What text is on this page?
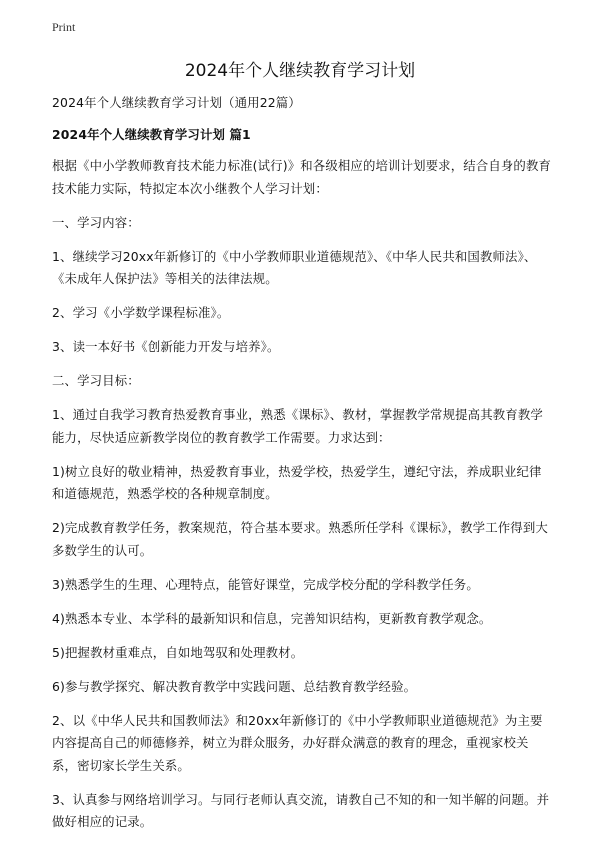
Print
2024年个人继续教育学习计划

2024年个人继续教育学习计划（通用22篇）

2024年个人继续教育学习计划 篇1

根据《中小学教师教育技术能力标准(试行)》和各级相应的培训计划要求，结合自身的教育技术能力实际，特拟定本次小继教个人学习计划：

一、学习内容：

1、继续学习20xx年新修订的《中小学教师职业道德规范》、《中华人民共和国教师法》、《未成年人保护法》等相关的法律法规。

2、学习《小学数学课程标准》。

3、读一本好书《创新能力开发与培养》。

二、学习目标：

1、通过自我学习教育热爱教育事业，熟悉《课标》、教材，掌握教学常规提高其教育教学能力，尽快适应新教学岗位的教育教学工作需要。力求达到：

1)树立良好的敬业精神，热爱教育事业，热爱学校，热爱学生，遵纪守法，养成职业纪律和道德规范，熟悉学校的各种规章制度。

2)完成教育教学任务，教案规范，符合基本要求。熟悉所任学科《课标》，教学工作得到大多数学生的认可。

3)熟悉学生的生理、心理特点，能管好课堂，完成学校分配的学科教学任务。

4)熟悉本专业、本学科的最新知识和信息，完善知识结构，更新教育教学观念。

5)把握教材重难点，自如地驾驭和处理教材。

6)参与教学探究、解决教育教学中实践问题、总结教育教学经验。

2、以《中华人民共和国教师法》和20xx年新修订的《中小学教师职业道德规范》为主要内容提高自己的师德修养，树立为群众服务，办好群众满意的教育的理念，重视家校关系，密切家长学生关系。

3、认真参与网络培训学习。与同行老师认真交流，请教自己不知的和一知半解的问题。并做好相应的记录。
